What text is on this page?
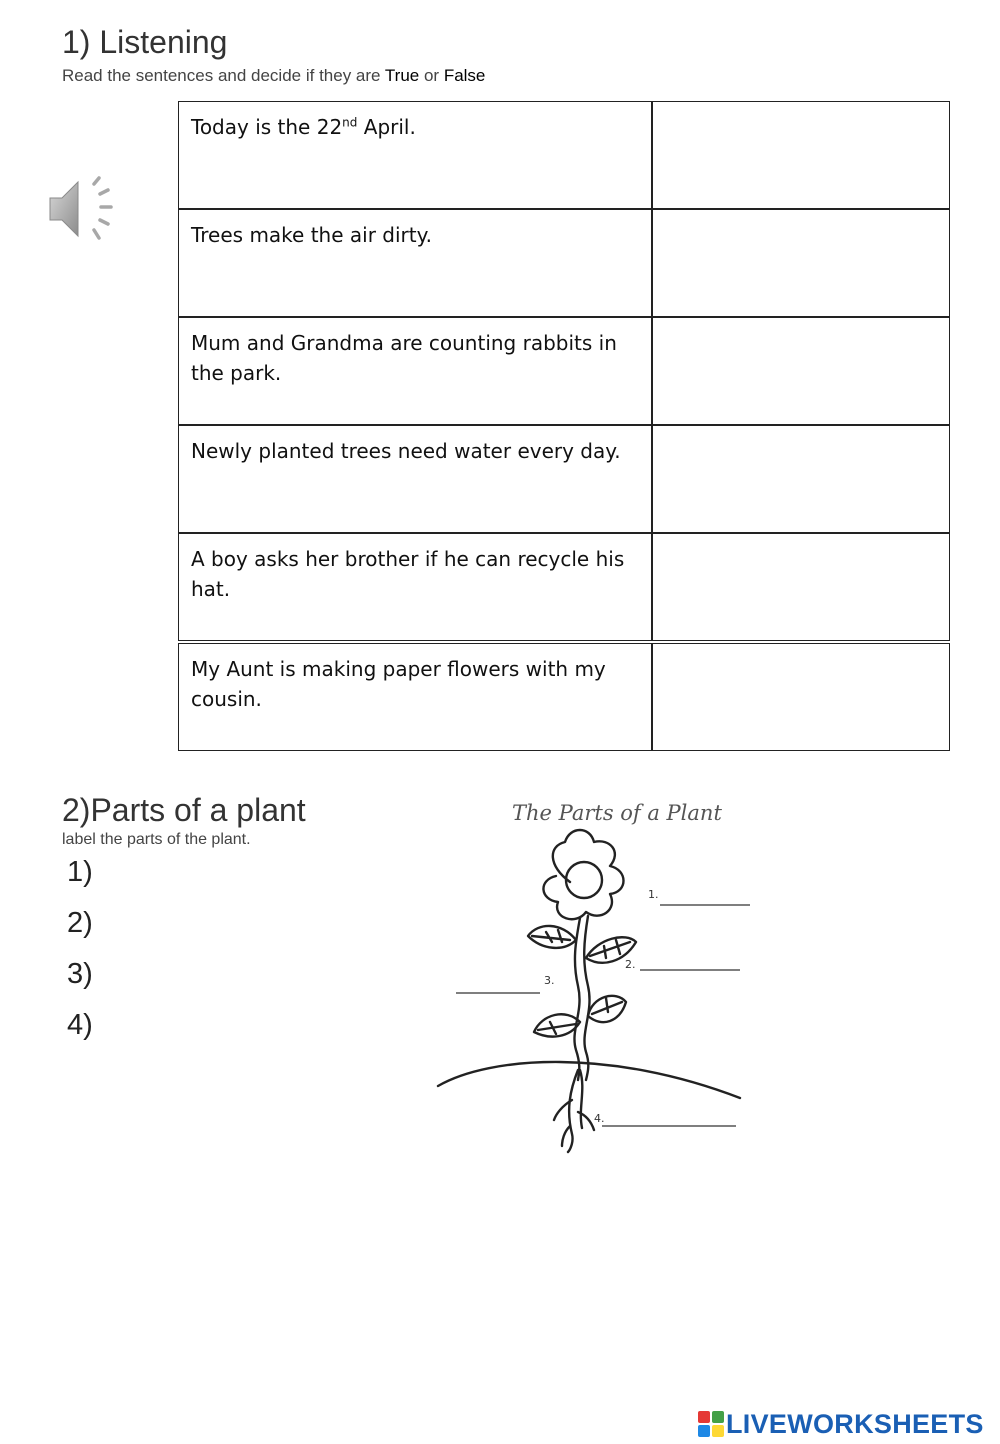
1) Listening
Read the sentences and decide if they are True or False
Today is the 22nd April.
Trees make the air dirty.
Mum and Grandma are counting rabbits in the park.
Newly planted trees need water every day.
A boy asks her brother if he can recycle his hat.
My Aunt is making paper flowers with my cousin.
2)Parts of a plant
label the parts of the plant.
1)
2)
3)
4)
The Parts of a Plant
1.
2.
3.
4.
LIVEWORKSHEETS
